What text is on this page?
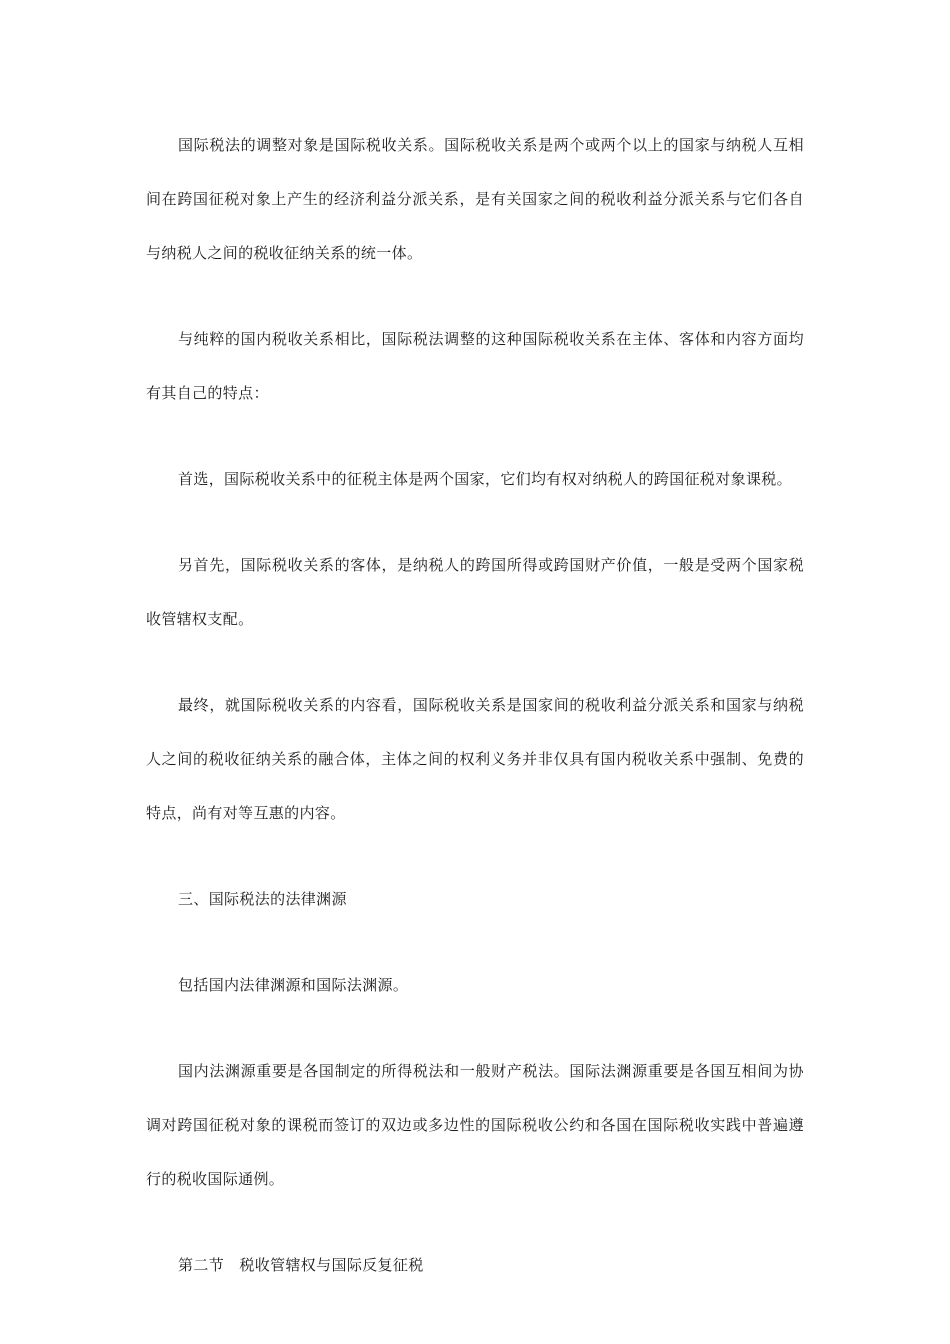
国际税法的调整对象是国际税收关系。国际税收关系是两个或两个以上的国家与纳税人互相间在跨国征税对象上产生的经济利益分派关系，是有关国家之间的税收利益分派关系与它们各自与纳税人之间的税收征纳关系的统一体。

与纯粹的国内税收关系相比，国际税法调整的这种国际税收关系在主体、客体和内容方面均有其自己的特点：

首选，国际税收关系中的征税主体是两个国家，它们均有权对纳税人的跨国征税对象课税。

另首先，国际税收关系的客体，是纳税人的跨国所得或跨国财产价值，一般是受两个国家税收管辖权支配。

最终，就国际税收关系的内容看，国际税收关系是国家间的税收利益分派关系和国家与纳税人之间的税收征纳关系的融合体，主体之间的权利义务并非仅具有国内税收关系中强制、免费的特点，尚有对等互惠的内容。

三、国际税法的法律渊源

包括国内法律渊源和国际法渊源。

国内法渊源重要是各国制定的所得税法和一般财产税法。国际法渊源重要是各国互相间为协调对跨国征税对象的课税而签订的双边或多边性的国际税收公约和各国在国际税收实践中普遍遵行的税收国际通例。

第二节　税收管辖权与国际反复征税
